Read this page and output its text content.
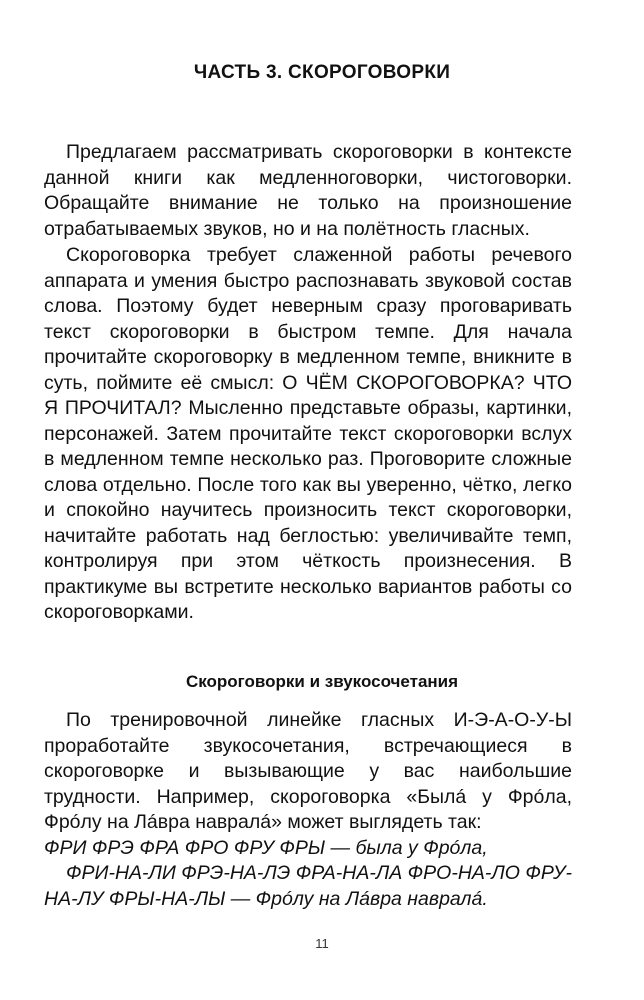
ЧАСТЬ 3. СКОРОГОВОРКИ

Предлагаем рассматривать скороговорки в контексте данной книги как медленноговорки, чистоговорки. Обращайте внимание не только на произношение отрабатываемых звуков, но и на полётность гласных.

Скороговорка требует слаженной работы речевого аппарата и умения быстро распознавать звуковой состав слова. Поэтому будет неверным сразу проговаривать текст скороговорки в быстром темпе. Для начала прочитайте скороговорку в медленном темпе, вникните в суть, поймите её смысл: О ЧЁМ СКОРОГОВОРКА? ЧТО Я ПРОЧИТАЛ? Мысленно представьте образы, картинки, персонажей. Затем прочитайте текст скороговорки вслух в медленном темпе несколько раз. Проговорите сложные слова отдельно. После того как вы уверенно, чётко, легко и спокойно научитесь произносить текст скороговорки, начитайте работать над беглостью: увеличивайте темп, контролируя при этом чёткость произнесения. В практикуме вы встретите несколько вариантов работы со скороговорками.

Скороговорки и звукосочетания

По тренировочной линейке гласных И-Э-А-О-У-Ы проработайте звукосочетания, встречающиеся в скороговорке и вызывающие у вас наибольшие трудности. Например, скороговорка «Былá у Фрóла, Фрóлу на Лáвра навралá» может выглядеть так:

ФРИ ФРЭ ФРА ФРО ФРУ ФРЫ — была у Фрóла,

ФРИ-НА-ЛИ ФРЭ-НА-ЛЭ ФРА-НА-ЛА ФРО-НА-ЛО ФРУ-НА-ЛУ ФРЫ-НА-ЛЫ — Фрóлу на Лáвра навралá.

11
